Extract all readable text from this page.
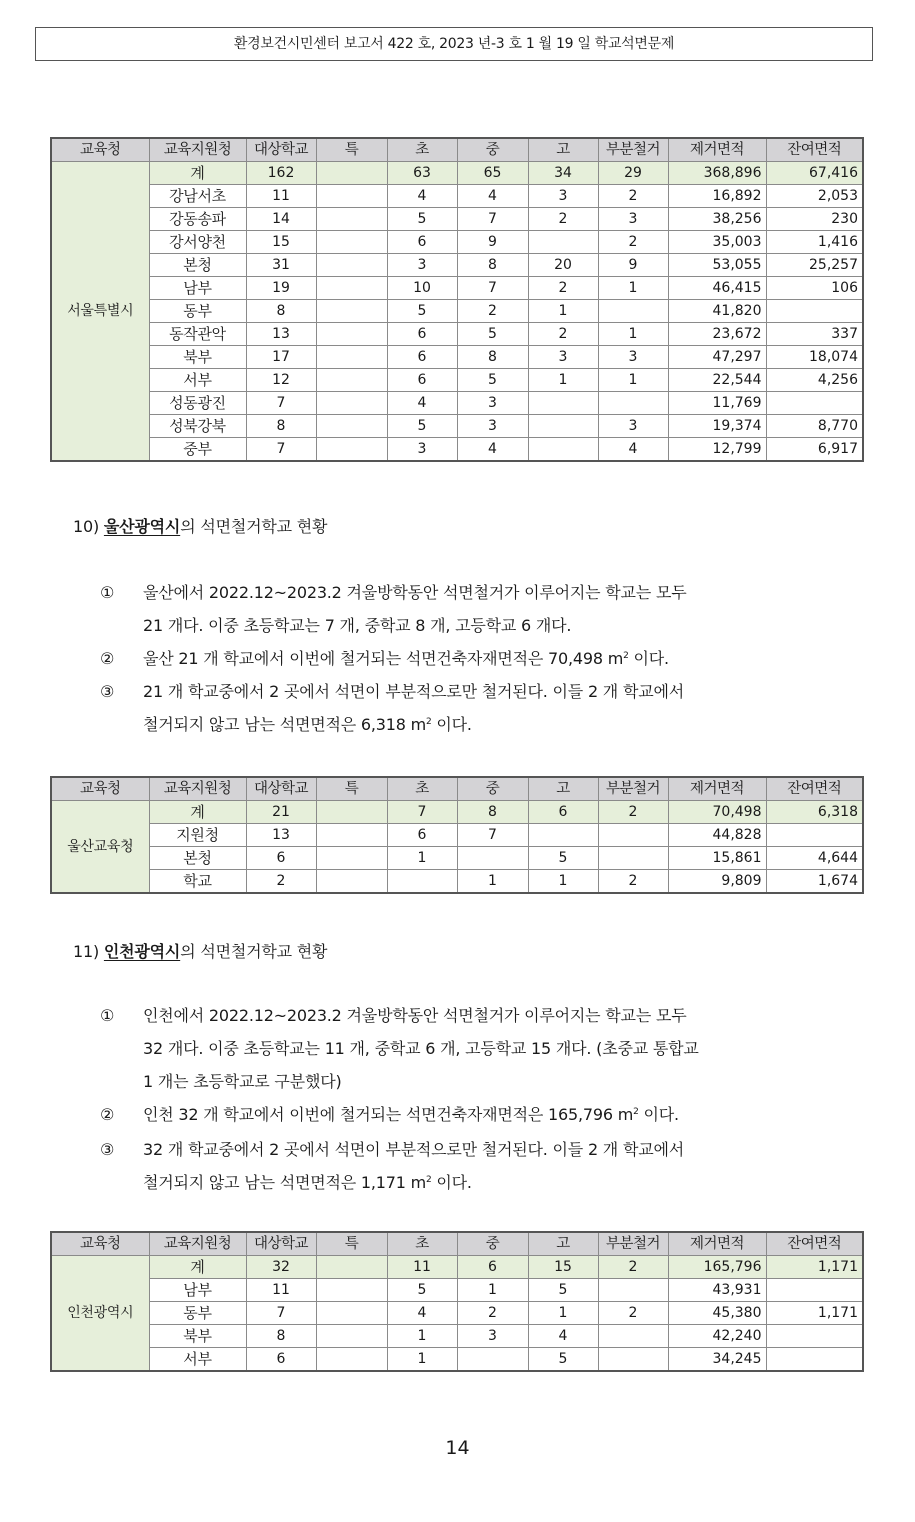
환경보건시민센터 보고서 422 호, 2023 년-3 호 1 월 19 일 학교석면문제
교육청	교육지원청	대상학교	특	초	중	고	부분철거	제거면적	잔여면적
서울특별시	계	162		63	65	34	29	368,896	67,416
	강남서초	11		4	4	3	2	16,892	2,053
	강동송파	14		5	7	2	3	38,256	230
	강서양천	15		6	9		2	35,003	1,416
	본청	31		3	8	20	9	53,055	25,257
	남부	19		10	7	2	1	46,415	106
	동부	8		5	2	1		41,820	
	동작관악	13		6	5	2	1	23,672	337
	북부	17		6	8	3	3	47,297	18,074
	서부	12		6	5	1	1	22,544	4,256
	성동광진	7		4	3			11,769	
	성북강북	8		5	3		3	19,374	8,770
	중부	7		3	4		4	12,799	6,917
10) 울산광역시의 석면철거학교 현황
① 울산에서 2022.12~2023.2 겨울방학동안 석면철거가 이루어지는 학교는 모두
21 개다. 이중 초등학교는 7 개, 중학교 8 개, 고등학교 6 개다.
② 울산 21 개 학교에서 이번에 철거되는 석면건축자재면적은 70,498 $m^2$ 이다.
③ 21 개 학교중에서 2 곳에서 석면이 부분적으로만 철거된다. 이들 2 개 학교에서
철거되지 않고 남는 석면면적은 6,318 $m^2$ 이다.
교육청	교육지원청	대상학교	특	초	중	고	부분철거	제거면적	잔여면적
울산교육청	계	21		7	8	6	2	70,498	6,318
	지원청	13		6	7			44,828	
	본청	6		1		5		15,861	4,644
	학교	2			1	1	2	9,809	1,674
11) 인천광역시의 석면철거학교 현황
① 인천에서 2022.12~2023.2 겨울방학동안 석면철거가 이루어지는 학교는 모두
32 개다. 이중 초등학교는 11 개, 중학교 6 개, 고등학교 15 개다. (초중교 통합교
1 개는 초등학교로 구분했다)
② 인천 32 개 학교에서 이번에 철거되는 석면건축자재면적은 165,796 $m^2$ 이다.
③ 32 개 학교중에서 2 곳에서 석면이 부분적으로만 철거된다. 이들 2 개 학교에서
철거되지 않고 남는 석면면적은 1,171 $m^2$ 이다.
교육청	교육지원청	대상학교	특	초	중	고	부분철거	제거면적	잔여면적
인천광역시	계	32		11	6	15	2	165,796	1,171
	남부	11		5	1	5		43,931	
	동부	7		4	2	1	2	45,380	1,171
	북부	8		1	3	4		42,240	
	서부	6		1		5		34,245	
14
